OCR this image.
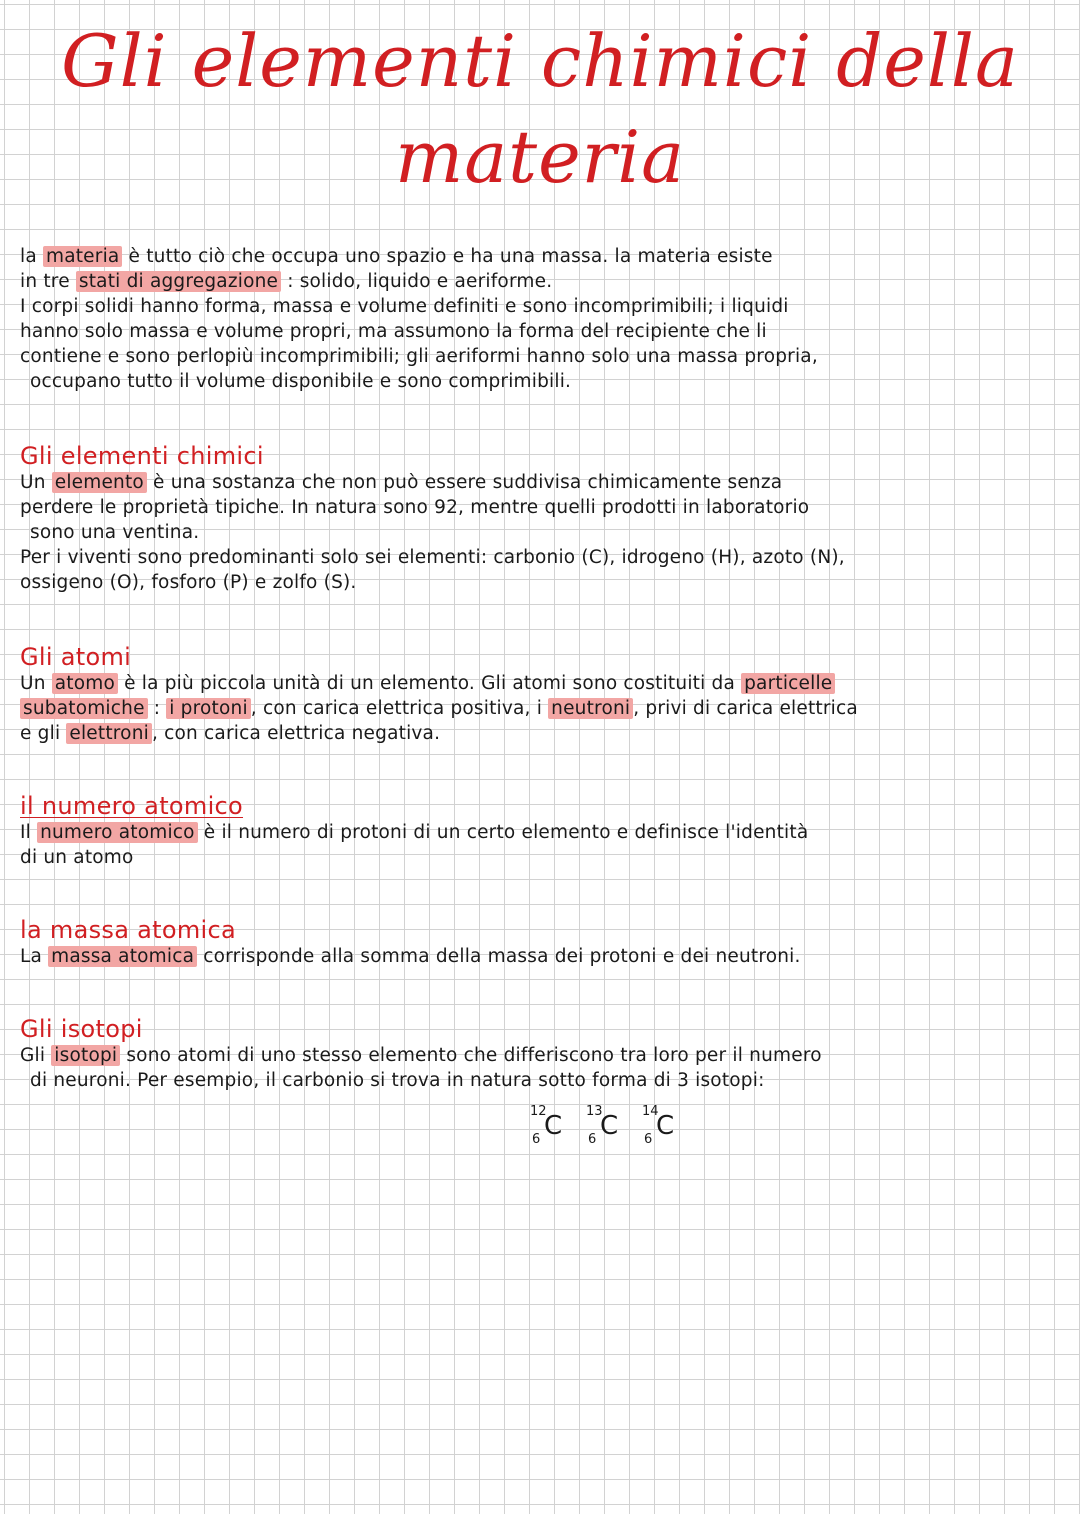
Gli elementi chimici della
materia

la materia è tutto ciò che occupa uno spazio e ha una massa. la materia esiste

in tre stati di aggregazione : solido, liquido e aeriforme.

I corpi solidi hanno forma, massa e volume definiti e sono incomprimibili; i liquidi

hanno solo massa e volume propri, ma assumono la forma del recipiente che li

contiene e sono perlopiù incomprimibili; gli aeriformi hanno solo una massa propria,

occupano tutto il volume disponibile e sono comprimibili.

Gli elementi chimici

Un elemento è una sostanza che non può essere suddivisa chimicamente senza

perdere le proprietà tipiche. In natura sono 92, mentre quelli prodotti in laboratorio

sono una ventina.

Per i viventi sono predominanti solo sei elementi: carbonio (C), idrogeno (H), azoto (N),

ossigeno (O), fosforo (P) e zolfo (S).

Gli atomi

Un atomo è la più piccola unità di un elemento. Gli atomi sono costituiti da particelle

subatomiche : i protoni , con carica elettrica positiva, i neutroni , privi di carica elettrica

e gli elettroni , con carica elettrica negativa.

il numero atomico

Il numero atomico è il numero di protoni di un certo elemento e definisce l'identità

di un atomo

la massa atomica

La massa atomica corrisponde alla somma della massa dei protoni e dei neutroni.

Gli isotopi

Gli isotopi sono atomi di uno stesso elemento che differiscono tra loro per il numero

di neuroni. Per esempio, il carbonio si trova in natura sotto forma di 3 isotopi:

12
6 C 13
6 C 14
6 C
